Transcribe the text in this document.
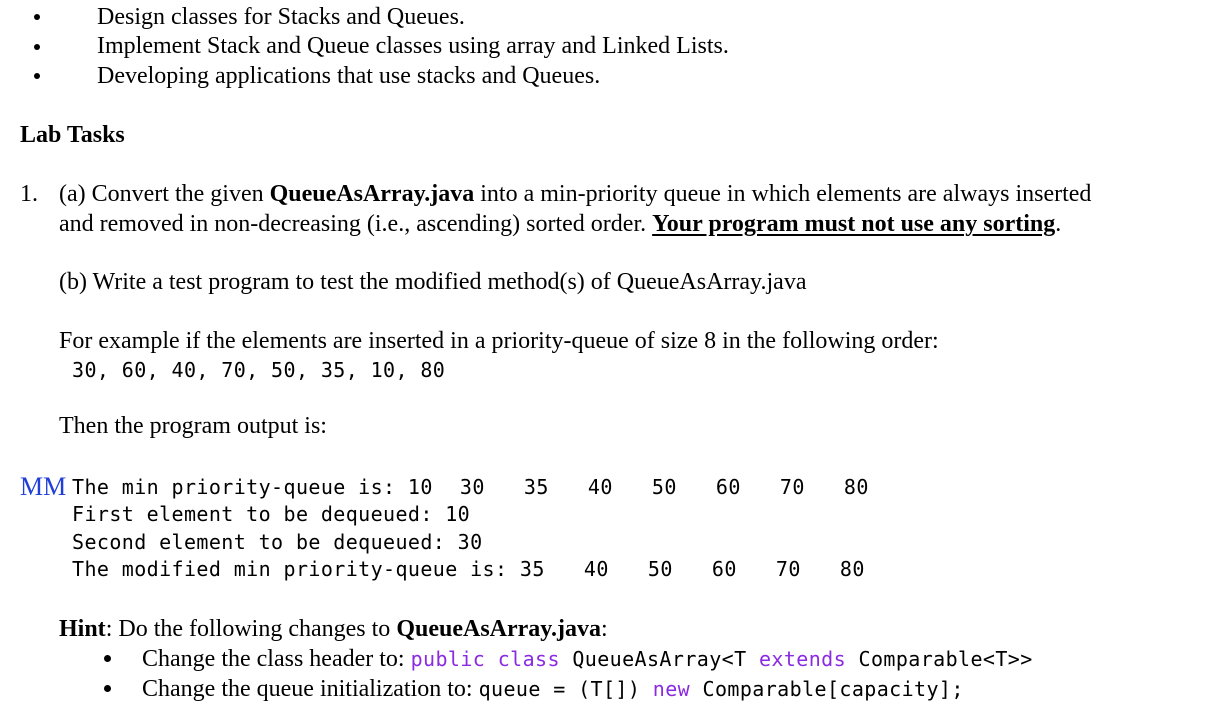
Design classes for Stacks and Queues.
Implement Stack and Queue classes using array and Linked Lists.
Developing applications that use stacks and Queues.
Lab Tasks
1. (a) Convert the given QueueAsArray.java into a min-priority queue in which elements are always inserted
and removed in non-decreasing (i.e., ascending) sorted order. Your program must not use any sorting.
(b) Write a test program to test the modified method(s) of QueueAsArray.java
For example if the elements are inserted in a priority-queue of size 8 in the following order:
30, 60, 40, 70, 50, 35, 10, 80
Then the program output is:
MM The min priority-queue is: 10 30 35 40 50 60 70 80
First element to be dequeued: 10
Second element to be dequeued: 30
The modified min priority-queue is: 35 40 50 60 70 80
Hint: Do the following changes to QueueAsArray.java:
Change the class header to: public class QueueAsArray<T extends Comparable<T>>
Change the queue initialization to: queue = (T[]) new Comparable[capacity];
